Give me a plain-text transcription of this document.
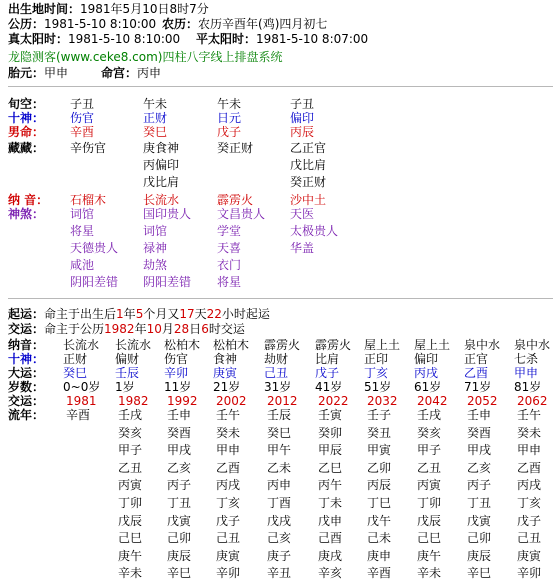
出生地时间：1981年5月10日8时7分
公历：1981-5-10 8:10:00 农历：农历辛酉年(鸡)四月初七
真太阳时：1981-5-10 8:10:00 平太阳时：1981-5-10 8:07:00
龙隐测客(www.ceke8.com)四柱八字线上排盘系统
胎元：甲申	命宫：丙申
旬空：
十神：
男命：
藏藏：
纳 音：
神煞：
子丑
伤官
辛酉
辛伤官
石榴木
词馆
将星
天德贵人
咸池
阴阳差错
午未
正财
癸巳
庚食神
丙偏印
戊比肩
长流水
国印贵人
词馆
禄神
劫煞
阴阳差错
午未
日元
戊子
癸正财
霹雳火
文昌贵人
学堂
天喜
衣门
将星
子丑
偏印
丙辰
乙正官
戊比肩
癸正财
沙中土
天医
太极贵人
华盖
起运：命主于出生后1年5个月又17天22小时起运
交运：命主于公历1982年10月28日6时交运
纳音：
十神：
大运：
岁数：
交运：
流年：
长流水
正财
癸巳
0~0岁
1981
辛酉
长流水
偏财
壬辰
1岁
1982
壬戌
癸亥
甲子
乙丑
丙寅
丁卯
戊辰
己巳
庚午
辛未
松柏木
伤官
辛卯
11岁
1992
壬申
癸酉
甲戌
乙亥
丙子
丁丑
戊寅
己卯
庚辰
辛巳
松柏木
食神
庚寅
21岁
2002
壬午
癸未
甲申
乙酉
丙戌
丁亥
戊子
己丑
庚寅
辛卯
霹雳火
劫财
己丑
31岁
2012
壬辰
癸巳
甲午
乙未
丙申
丁酉
戊戌
己亥
庚子
辛丑
霹雳火
比肩
戊子
41岁
2022
壬寅
癸卯
甲辰
乙巳
丙午
丁未
戊申
己酉
庚戌
辛亥
屋上土
正印
丁亥
51岁
2032
壬子
癸丑
甲寅
乙卯
丙辰
丁巳
戊午
己未
庚申
辛酉
屋上土
偏印
丙戌
61岁
2042
壬戌
癸亥
甲子
乙丑
丙寅
丁卯
戊辰
己巳
庚午
辛未
泉中水
正官
乙酉
71岁
2052
壬申
癸酉
甲戌
乙亥
丙子
丁丑
戊寅
己卯
庚辰
辛巳
泉中水
七杀
甲申
81岁
2062
壬午
癸未
甲申
乙酉
丙戌
丁亥
戊子
己丑
庚寅
辛卯
